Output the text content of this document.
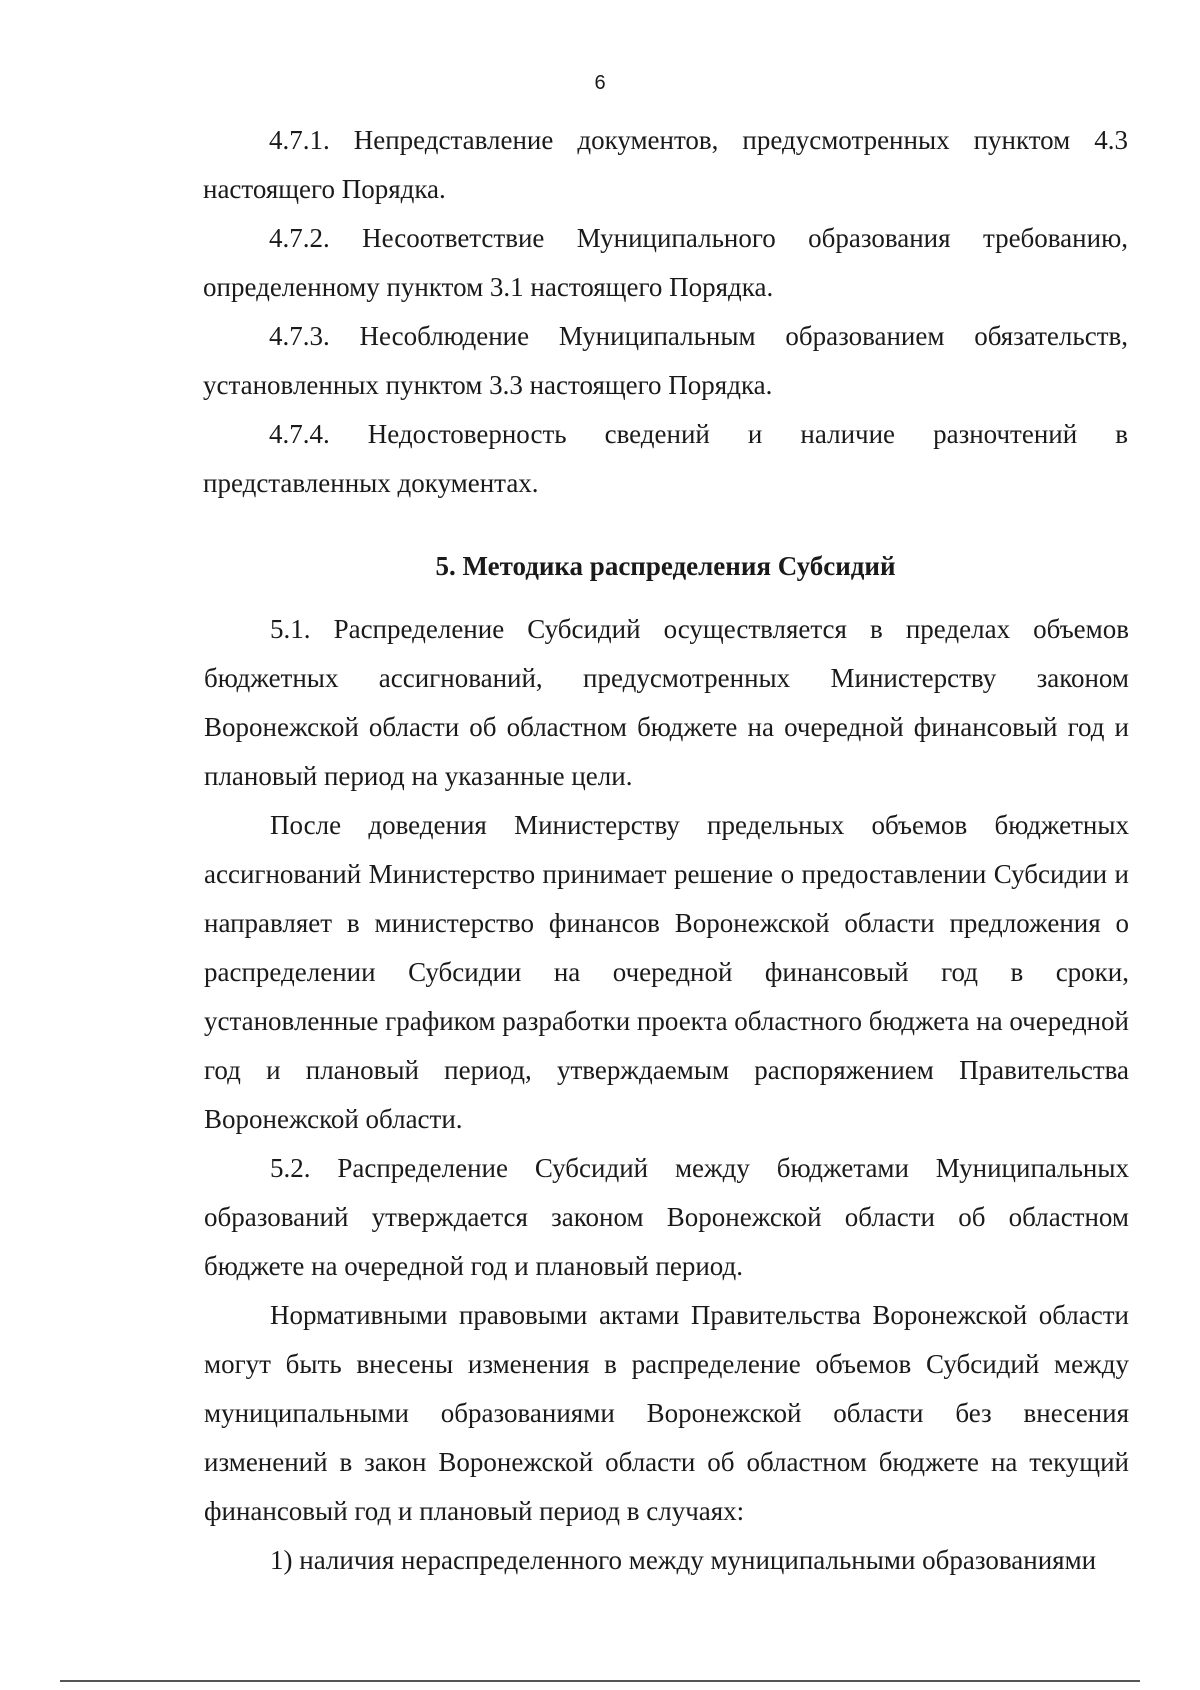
6

4.7.1. Непредставление документов, предусмотренных пунктом 4.3 настоящего Порядка.

4.7.2. Несоответствие Муниципального образования требованию, определенному пунктом 3.1 настоящего Порядка.

4.7.3. Несоблюдение Муниципальным образованием обязательств, установленных пунктом 3.3 настоящего Порядка.

4.7.4. Недостоверность сведений и наличие разночтений в представленных документах.

5. Методика распределения Субсидий

5.1. Распределение Субсидий осуществляется в пределах объемов бюджетных ассигнований, предусмотренных Министерству законом Воронежской области об областном бюджете на очередной финансовый год и плановый период на указанные цели.

После доведения Министерству предельных объемов бюджетных ассигнований Министерство принимает решение о предоставлении Субсидии и направляет в министерство финансов Воронежской области предложения о распределении Субсидии на очередной финансовый год в сроки, установленные графиком разработки проекта областного бюджета на очередной год и плановый период, утверждаемым распоряжением Правительства Воронежской области.

5.2. Распределение Субсидий между бюджетами Муниципальных образований утверждается законом Воронежской области об областном бюджете на очередной год и плановый период.

Нормативными правовыми актами Правительства Воронежской области могут быть внесены изменения в распределение объемов Субсидий между муниципальными образованиями Воронежской области без внесения изменений в закон Воронежской области об областном бюджете на текущий финансовый год и плановый период в случаях:

1) наличия нераспределенного между муниципальными образованиями
